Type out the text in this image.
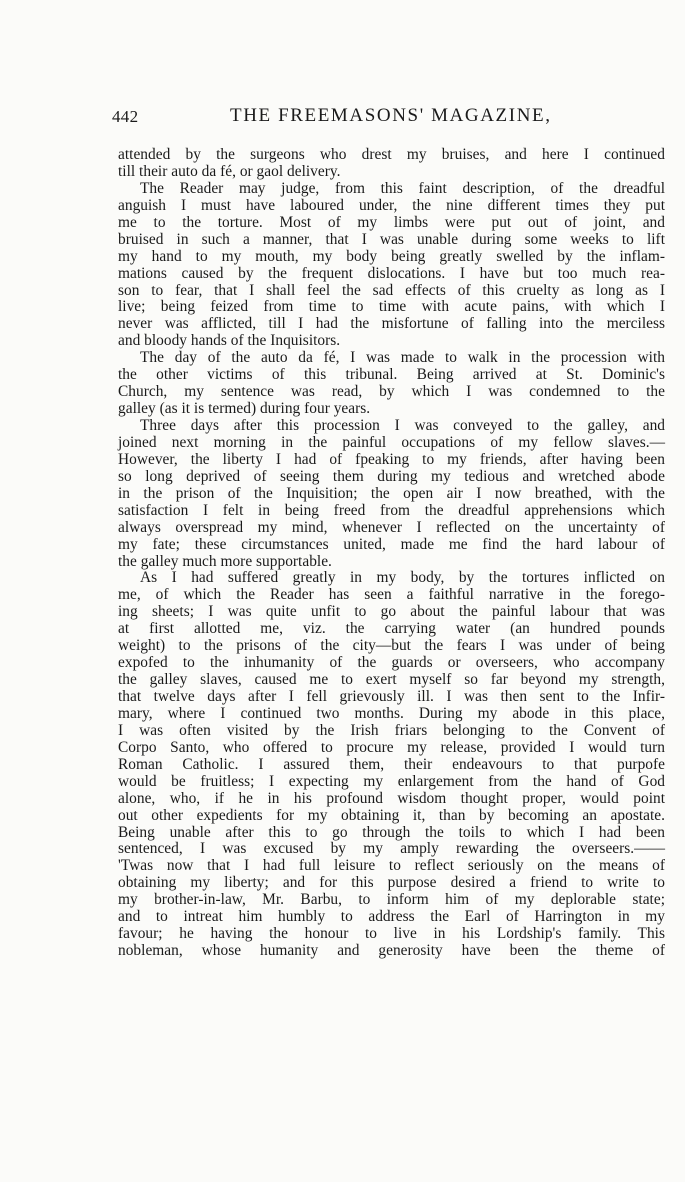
442	THE FREEMASONS' MAGAZINE,
attended by the surgeons who drest my bruises, and here I continued
till their auto da fé, or gaol delivery.
The Reader may judge, from this faint description, of the dreadful
anguish I must have laboured under, the nine different times they put
me to the torture. Most of my limbs were put out of joint, and
bruised in such a manner, that I was unable during some weeks to lift
my hand to my mouth, my body being greatly swelled by the inflam-
mations caused by the frequent dislocations. I have but too much rea-
son to fear, that I shall feel the sad effects of this cruelty as long as I
live; being feized from time to time with acute pains, with which I
never was afflicted, till I had the misfortune of falling into the merciless
and bloody hands of the Inquisitors.
The day of the auto da fé, I was made to walk in the procession with
the other victims of this tribunal. Being arrived at St. Dominic's
Church, my sentence was read, by which I was condemned to the
galley (as it is termed) during four years.
Three days after this procession I was conveyed to the galley, and
joined next morning in the painful occupations of my fellow slaves.—
However, the liberty I had of fpeaking to my friends, after having been
so long deprived of seeing them during my tedious and wretched abode
in the prison of the Inquisition; the open air I now breathed, with the
satisfaction I felt in being freed from the dreadful apprehensions which
always overspread my mind, whenever I reflected on the uncertainty of
my fate; these circumstances united, made me find the hard labour of
the galley much more supportable.
As I had suffered greatly in my body, by the tortures inflicted on
me, of which the Reader has seen a faithful narrative in the forego-
ing sheets; I was quite unfit to go about the painful labour that was
at first allotted me, viz. the carrying water (an hundred pounds
weight) to the prisons of the city—but the fears I was under of being
expofed to the inhumanity of the guards or overseers, who accompany
the galley slaves, caused me to exert myself so far beyond my strength,
that twelve days after I fell grievously ill. I was then sent to the Infir-
mary, where I continued two months. During my abode in this place,
I was often visited by the Irish friars belonging to the Convent of
Corpo Santo, who offered to procure my release, provided I would turn
Roman Catholic. I assured them, their endeavours to that purpofe
would be fruitless; I expecting my enlargement from the hand of God
alone, who, if he in his profound wisdom thought proper, would point
out other expedients for my obtaining it, than by becoming an apostate.
Being unable after this to go through the toils to which I had been
sentenced, I was excused by my amply rewarding the overseers.——
'Twas now that I had full leisure to reflect seriously on the means of
obtaining my liberty; and for this purpose desired a friend to write to
my brother-in-law, Mr. Barbu, to inform him of my deplorable state;
and to intreat him humbly to address the Earl of Harrington in my
favour; he having the honour to live in his Lordship's family. This
nobleman, whose humanity and generosity have been the theme of
